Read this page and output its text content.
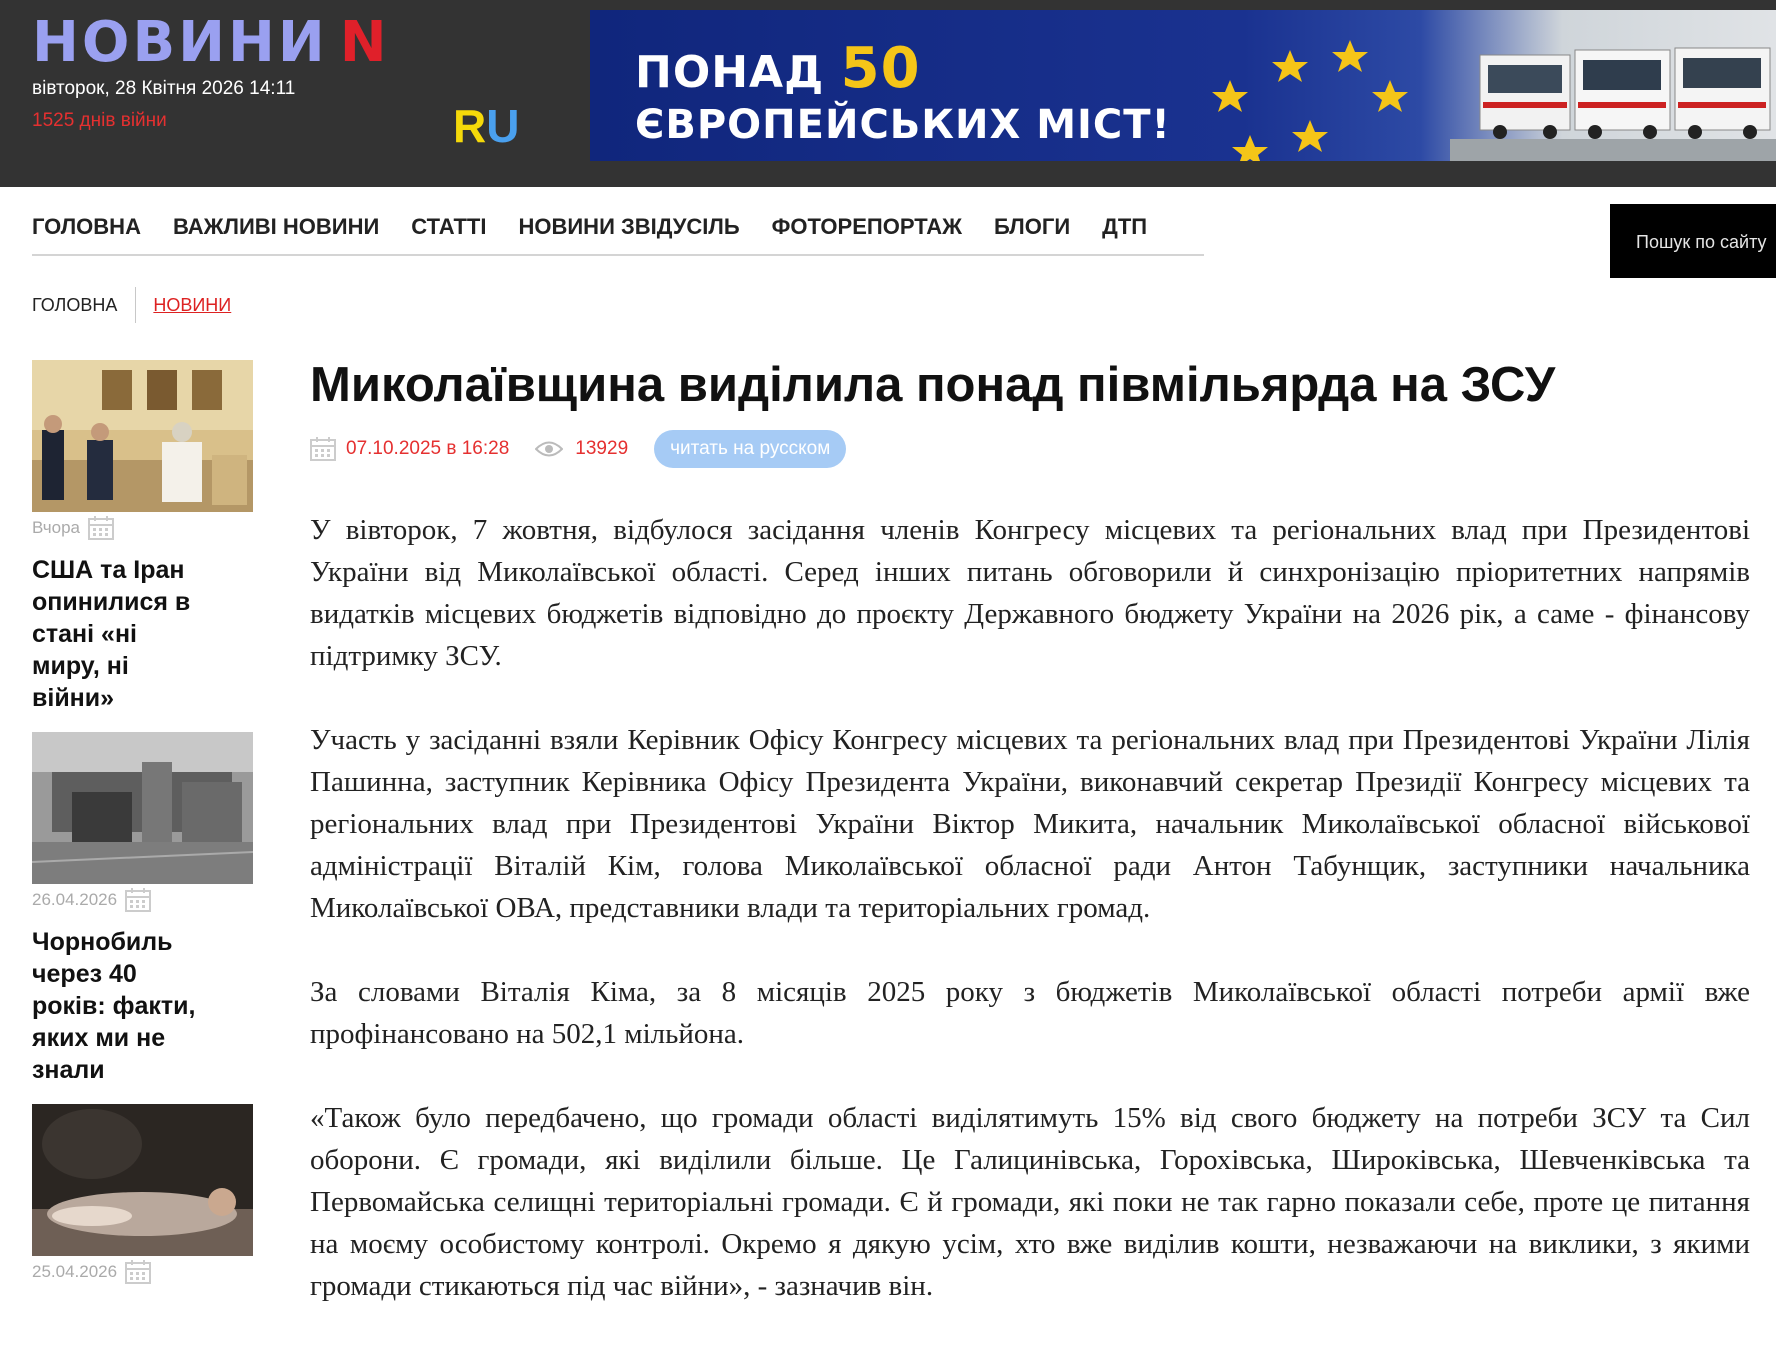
НОВИНИ N
вівторок, 28 Квітня 2026 14:11
1525 днів війни	RU
ПОНАД 50
ЄВРОПЕЙСЬКИХ МІСТ!
ГОЛОВНА ВАЖЛИВІ НОВИНИ СТАТТІ НОВИНИ ЗВІДУСІЛЬ ФОТОРЕПОРТАЖ БЛОГИ ДТП
Пошук по сайту
ГОЛОВНА	НОВИНИ
Вчора
США та Іран опинилися в стані «ні миру, ні війни»
26.04.2026
Чорнобиль через 40 років: факти, яких ми не знали
25.04.2026
Миколаївщина виділила понад півмільярда на ЗСУ
07.10.2025 в 16:28	13929	читать на русском

У вівторок, 7 жовтня, відбулося засідання членів Конгресу місцевих та регіональних влад при Президентові України від Миколаївської області. Серед інших питань обговорили й синхронізацію пріоритетних напрямів видатків місцевих бюджетів відповідно до проєкту Державного бюджету України на 2026 рік, а саме - фінансову підтримку ЗСУ.

Участь у засіданні взяли Керівник Офісу Конгресу місцевих та регіональних влад при Президентові України Лілія Пашинна, заступник Керівника Офісу Президента України, виконавчий секретар Президії Конгресу місцевих та регіональних влад при Президентові України Віктор Микита, начальник Миколаївської обласної військової адміністрації Віталій Кім, голова Миколаївської обласної ради Антон Табунщик, заступники начальника Миколаївської ОВА, представники влади та територіальних громад.

За словами Віталія Кіма, за 8 місяців 2025 року з бюджетів Миколаївської області потреби армії вже профінансовано на 502,1 мільйона.

«Також було передбачено, що громади області виділятимуть 15% від свого бюджету на потреби ЗСУ та Сил оборони. Є громади, які виділили більше. Це Галицинівська, Горохівська, Широківська, Шевченківська та Первомайська селищні територіальні громади. Є й громади, які поки не так гарно показали себе, проте це питання на моєму особистому контролі. Окремо я дякую усім, хто вже виділив кошти, незважаючи на виклики, з якими громади стикаються під час війни», - зазначив він.
